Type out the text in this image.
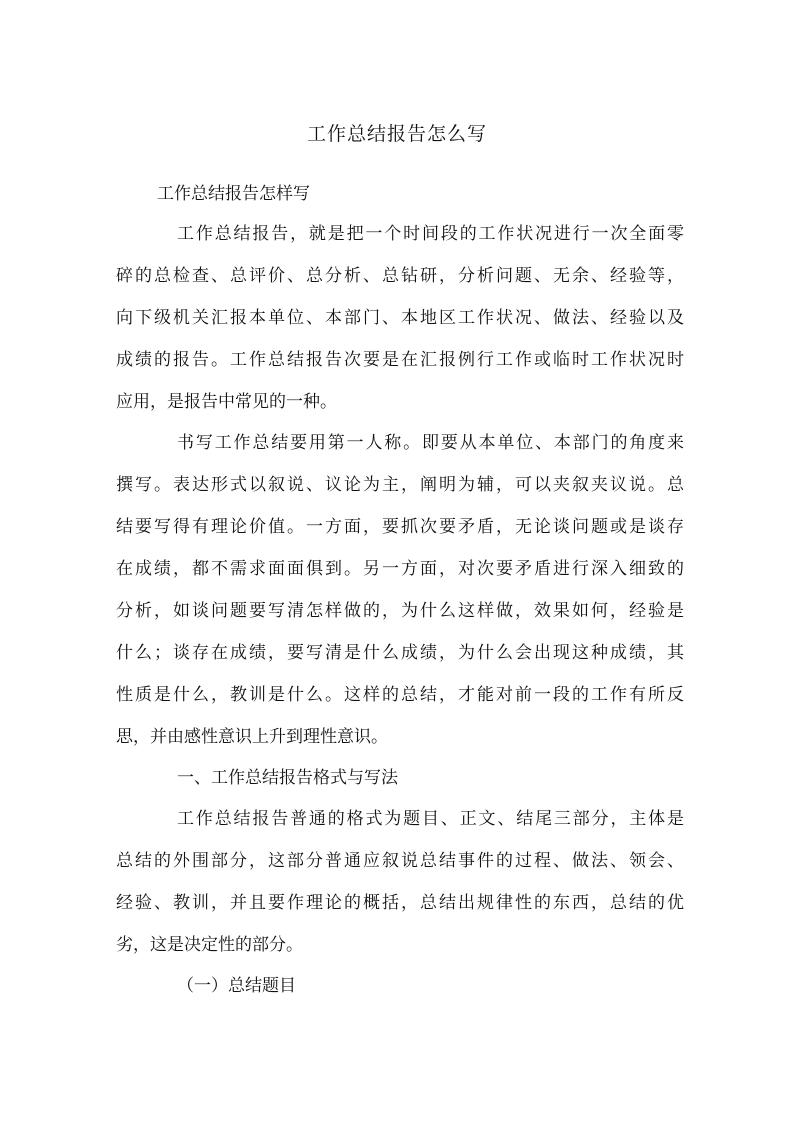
工作总结报告怎么写

工作总结报告怎样写

工作总结报告，就是把一个时间段的工作状况进行一次全面零

碎的总检查、总评价、总分析、总钻研，分析问题、无余、经验等，

向下级机关汇报本单位、本部门、本地区工作状况、做法、经验以及

成绩的报告。工作总结报告次要是在汇报例行工作或临时工作状况时

应用，是报告中常见的一种。

书写工作总结要用第一人称。即要从本单位、本部门的角度来

撰写。表达形式以叙说、议论为主，阐明为辅，可以夹叙夹议说。总

结要写得有理论价值。一方面，要抓次要矛盾，无论谈问题或是谈存

在成绩，都不需求面面俱到。另一方面，对次要矛盾进行深入细致的

分析，如谈问题要写清怎样做的，为什么这样做，效果如何，经验是

什么；谈存在成绩，要写清是什么成绩，为什么会出现这种成绩，其

性质是什么，教训是什么。这样的总结，才能对前一段的工作有所反

思，并由感性意识上升到理性意识。

一、工作总结报告格式与写法

工作总结报告普通的格式为题目、正文、结尾三部分，主体是

总结的外围部分，这部分普通应叙说总结事件的过程、做法、领会、

经验、教训，并且要作理论的概括，总结出规律性的东西，总结的优

劣，这是决定性的部分。

（一）总结题目
